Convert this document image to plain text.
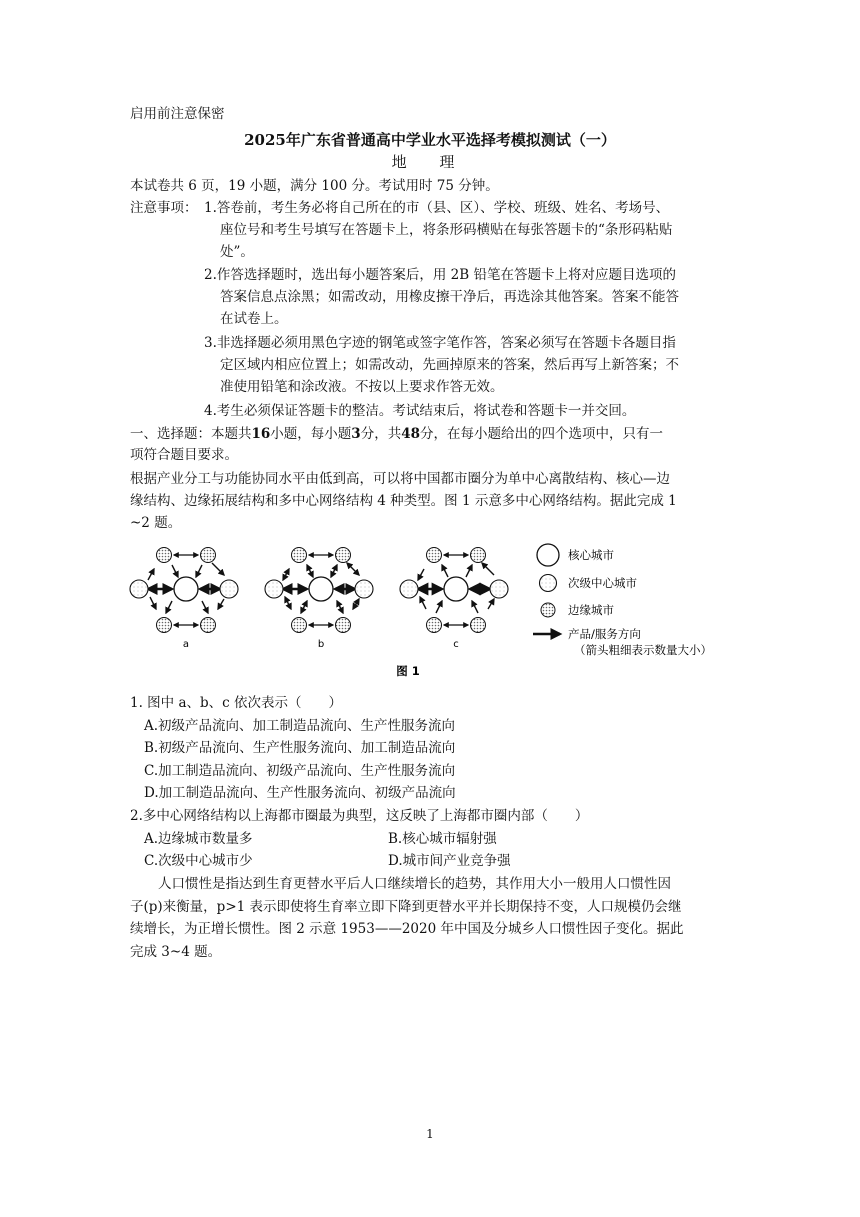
启用前注意保密
2025年广东省普通高中学业水平选择考模拟测试（一）
地 理
本试卷共 6 页，19 小题，满分 100 分。考试用时 75 分钟。
注意事项： 1.答卷前，考生务必将自己所在的市（县、区）、学校、班级、姓名、考场号、
座位号和考生号填写在答题卡上，将条形码横贴在每张答题卡的“条形码粘贴
处”。
2.作答选择题时，选出每小题答案后，用 2B 铅笔在答题卡上将对应题目选项的
答案信息点涂黑；如需改动，用橡皮擦干净后，再选涂其他答案。答案不能答
在试卷上。
3.非选择题必须用黑色字迹的钢笔或签字笔作答，答案必须写在答题卡各题目指
定区域内相应位置上；如需改动，先画掉原来的答案，然后再写上新答案；不
准使用铅笔和涂改液。不按以上要求作答无效。
4.考生必须保证答题卡的整洁。考试结束后，将试卷和答题卡一并交回。
一、选择题：本题共16小题，每小题3分，共48分，在每小题给出的四个选项中，只有一
项符合题目要求。
根据产业分工与功能协同水平由低到高，可以将中国都市圈分为单中心离散结构、核心—边
缘结构、边缘拓展结构和多中心网络结构 4 种类型。图 1 示意多中心网络结构。据此完成 1
~2 题。
a	b	c
核心城市
次级中心城市
边缘城市
产品/服务方向
（箭头粗细表示数量大小）
图 1
1. 图中 a、b、c 依次表示（　　）
A.初级产品流向、加工制造品流向、生产性服务流向
B.初级产品流向、生产性服务流向、加工制造品流向
C.加工制造品流向、初级产品流向、生产性服务流向
D.加工制造品流向、生产性服务流向、初级产品流向
2.多中心网络结构以上海都市圈最为典型，这反映了上海都市圈内部（　　）
A.边缘城市数量多	B.核心城市辐射强
C.次级中心城市少	D.城市间产业竞争强
人口惯性是指达到生育更替水平后人口继续增长的趋势，其作用大小一般用人口惯性因
子(p)来衡量，p>1 表示即使将生育率立即下降到更替水平并长期保持不变，人口规模仍会继
续增长，为正增长惯性。图 2 示意 1953——2020 年中国及分城乡人口惯性因子变化。据此
完成 3~4 题。
1
